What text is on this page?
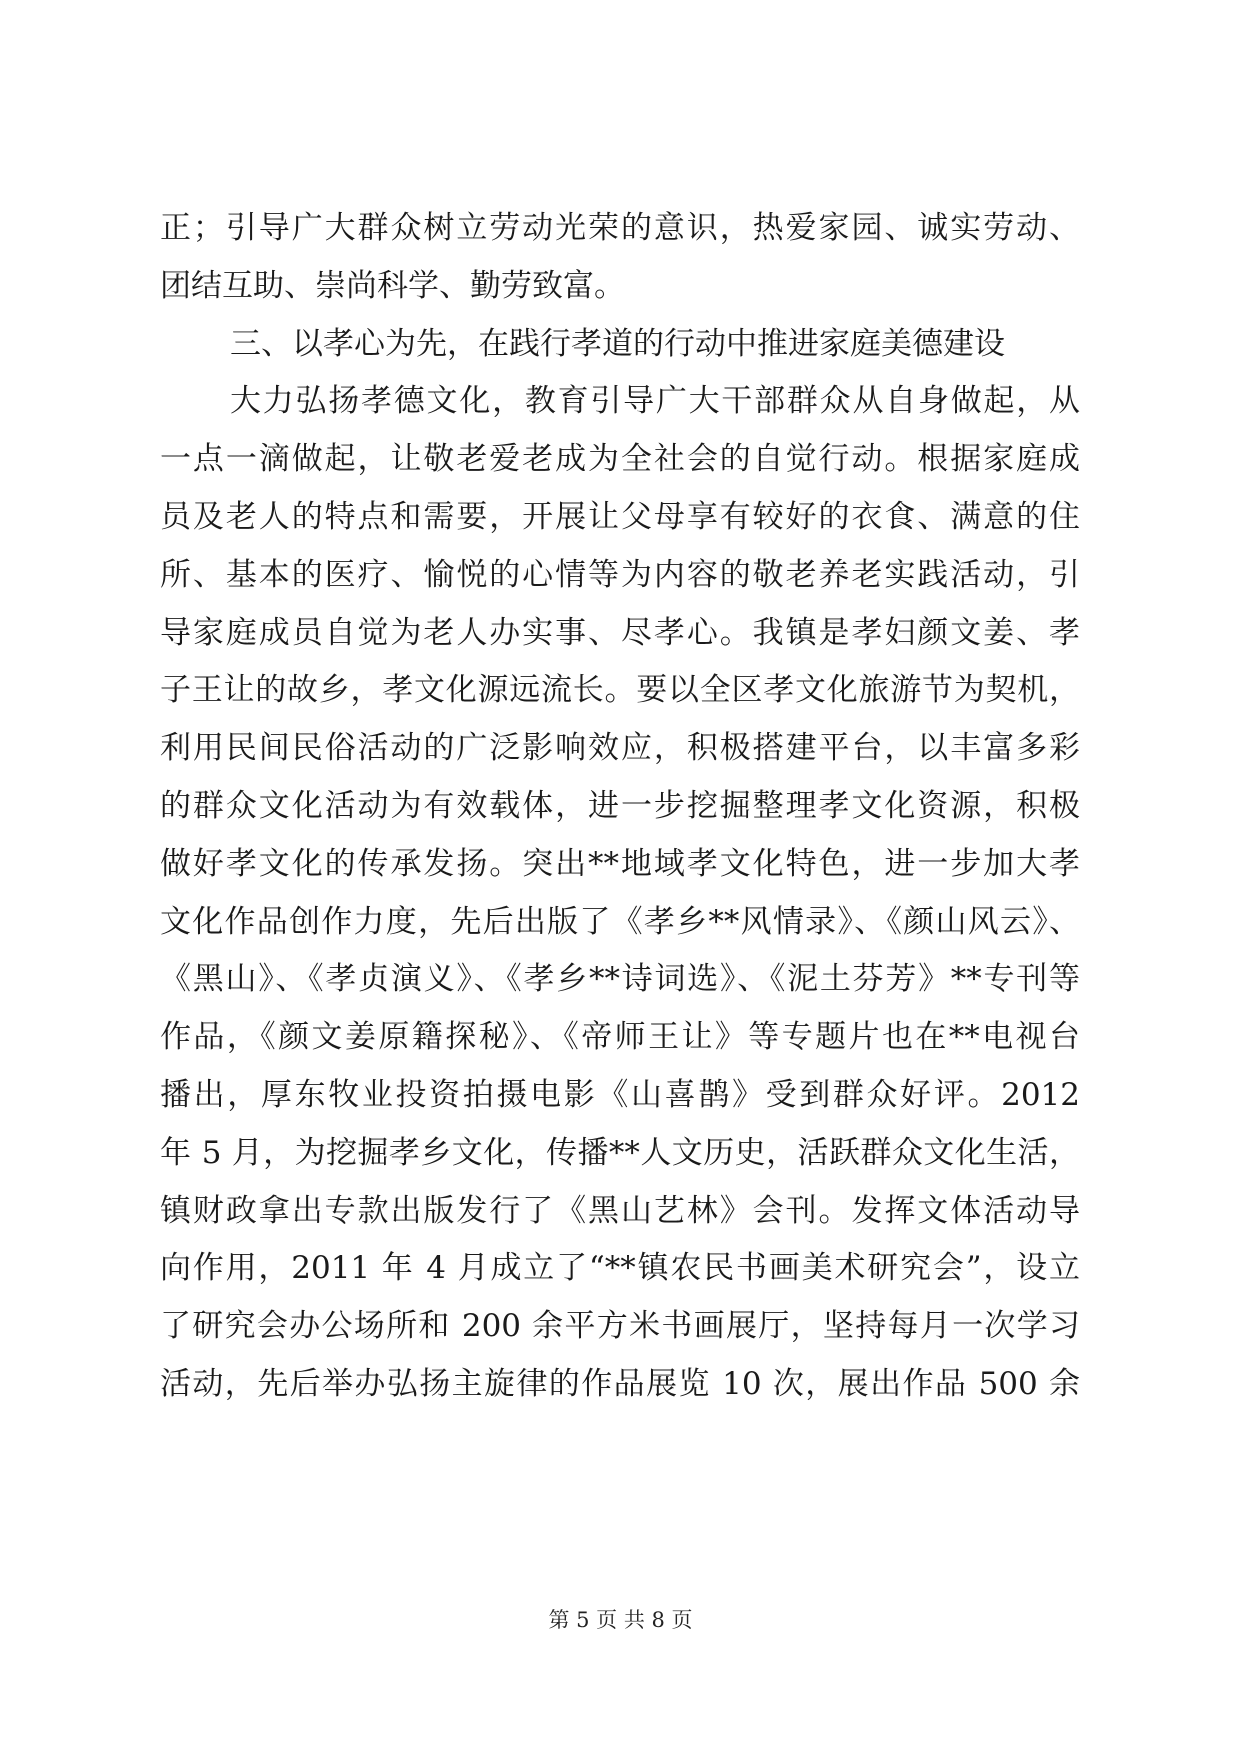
正；引导广大群众树立劳动光荣的意识，热爱家园、诚实劳动、
团结互助、崇尚科学、勤劳致富。
三、以孝心为先，在践行孝道的行动中推进家庭美德建设
大力弘扬孝德文化，教育引导广大干部群众从自身做起，从
一点一滴做起，让敬老爱老成为全社会的自觉行动。根据家庭成
员及老人的特点和需要，开展让父母享有较好的衣食、满意的住
所、基本的医疗、愉悦的心情等为内容的敬老养老实践活动，引
导家庭成员自觉为老人办实事、尽孝心。我镇是孝妇颜文姜、孝
子王让的故乡，孝文化源远流长。要以全区孝文化旅游节为契机，
利用民间民俗活动的广泛影响效应，积极搭建平台，以丰富多彩
的群众文化活动为有效载体，进一步挖掘整理孝文化资源，积极
做好孝文化的传承发扬。突出**地域孝文化特色，进一步加大孝
文化作品创作力度，先后出版了《孝乡**风情录》、《颜山风云》、
《黑山》、《孝贞演义》、《孝乡**诗词选》、《泥土芬芳》**专刊等
作品，《颜文姜原籍探秘》、《帝师王让》等专题片也在**电视台
播出，厚东牧业投资拍摄电影《山喜鹊》受到群众好评。2012
年 5 月，为挖掘孝乡文化，传播**人文历史，活跃群众文化生活，
镇财政拿出专款出版发行了《黑山艺林》会刊。发挥文体活动导
向作用，2011 年 4 月成立了“**镇农民书画美术研究会”，设立
了研究会办公场所和 200 余平方米书画展厅，坚持每月一次学习
活动，先后举办弘扬主旋律的作品展览 10 次，展出作品 500 余
第 5 页 共 8 页
